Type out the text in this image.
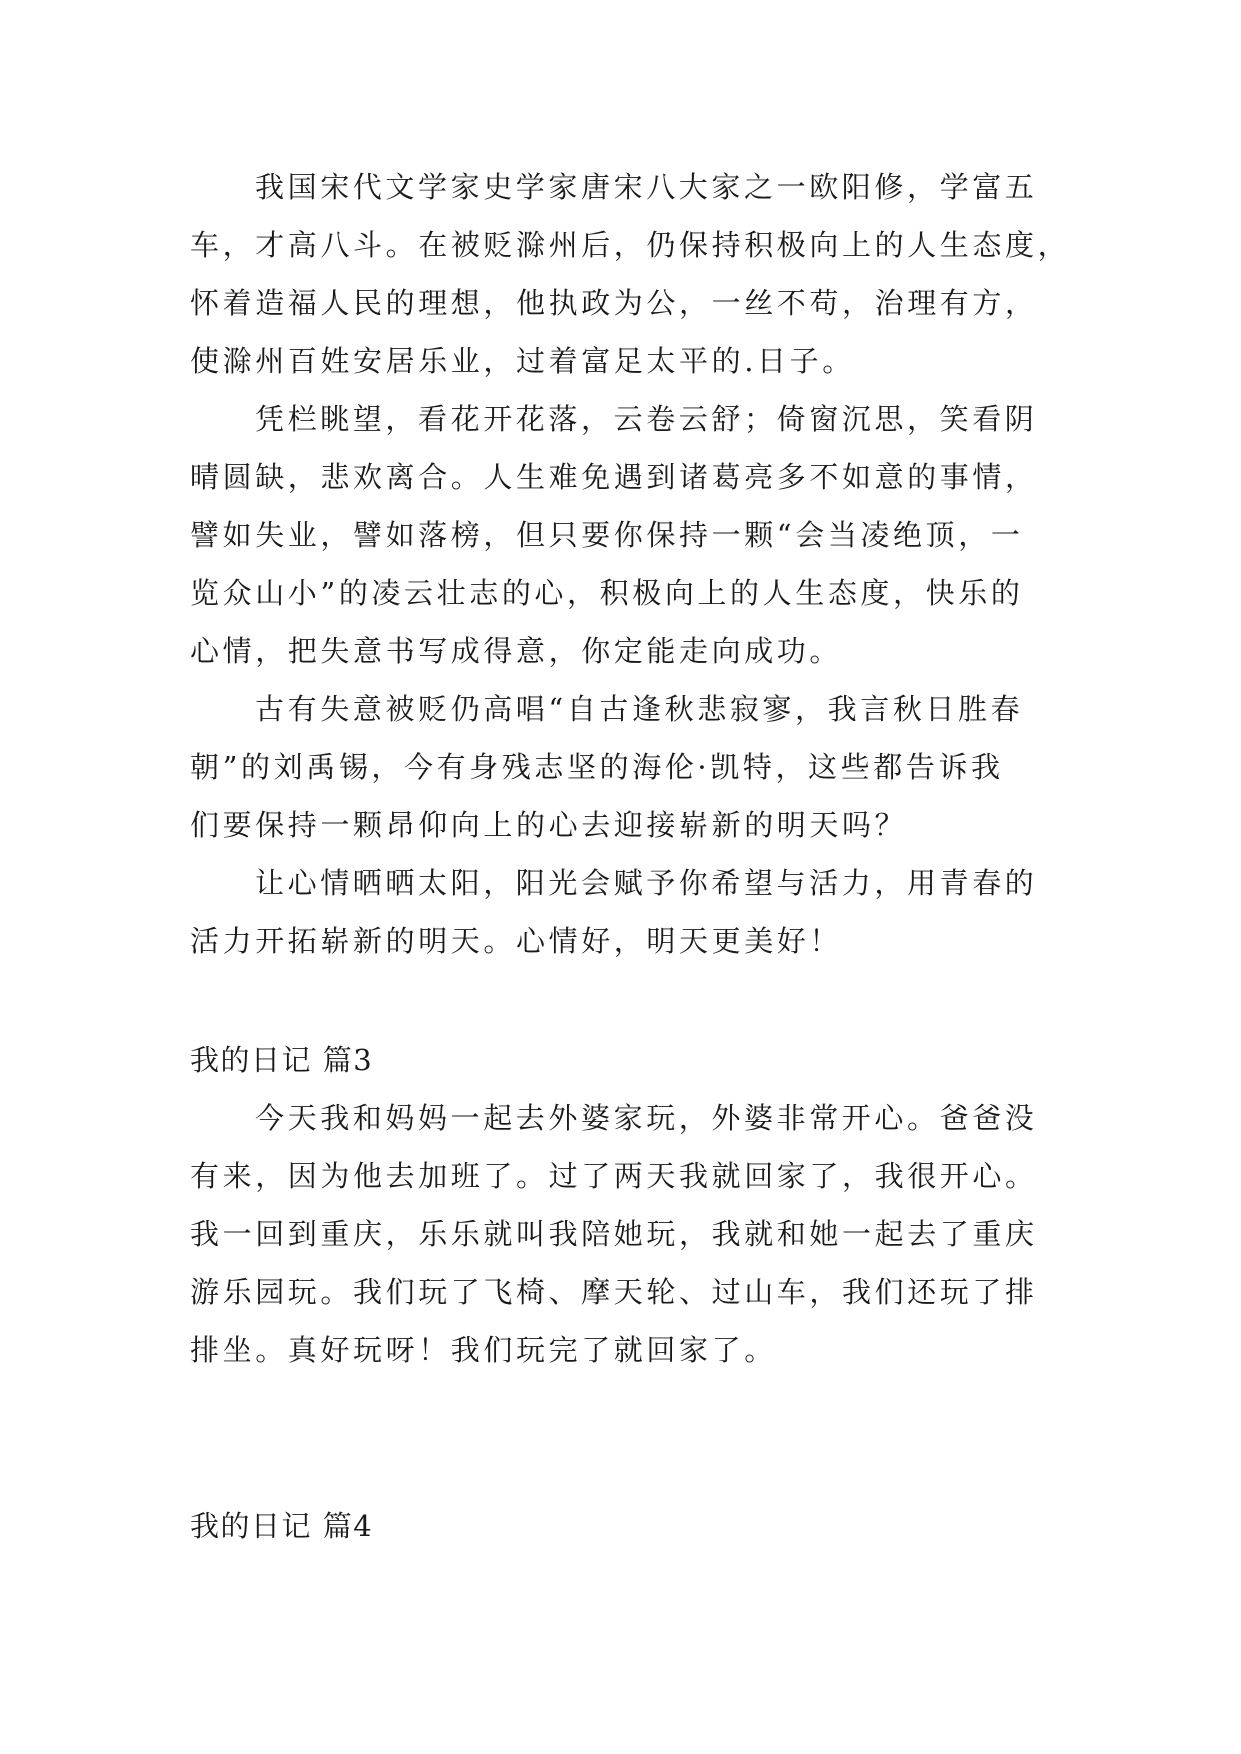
我国宋代文学家史学家唐宋八大家之一欧阳修，学富五
车，才高八斗。在被贬滁州后，仍保持积极向上的人生态度，
怀着造福人民的理想，他执政为公，一丝不苟，治理有方，
使滁州百姓安居乐业，过着富足太平的.日子。
凭栏眺望，看花开花落，云卷云舒；倚窗沉思，笑看阴
晴圆缺，悲欢离合。人生难免遇到诸葛亮多不如意的事情，
譬如失业，譬如落榜，但只要你保持一颗“会当凌绝顶，一
览众山小”的凌云壮志的心，积极向上的人生态度，快乐的
心情，把失意书写成得意，你定能走向成功。
古有失意被贬仍高唱“自古逢秋悲寂寥，我言秋日胜春
朝”的刘禹锡，今有身残志坚的海伦·凯特，这些都告诉我
们要保持一颗昂仰向上的心去迎接崭新的明天吗？
让心情晒晒太阳，阳光会赋予你希望与活力，用青春的
活力开拓崭新的明天。心情好，明天更美好！
我的日记 篇3
今天我和妈妈一起去外婆家玩，外婆非常开心。爸爸没
有来，因为他去加班了。过了两天我就回家了，我很开心。
我一回到重庆，乐乐就叫我陪她玩，我就和她一起去了重庆
游乐园玩。我们玩了飞椅、摩天轮、过山车，我们还玩了排
排坐。真好玩呀！我们玩完了就回家了。
我的日记 篇4
